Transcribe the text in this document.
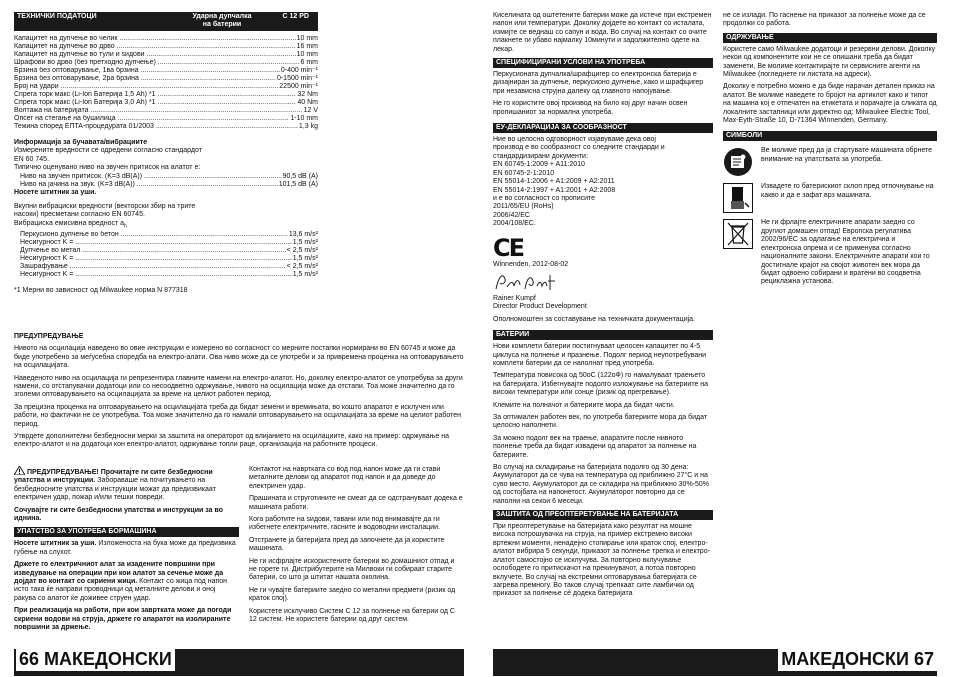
ТЕХНИЧКИ ПОДАТОЦИ	Ударна дупчалка
на батерии
C 12 PD
Капацитет на дупчење во челик .....	10 mm
Капацитет на дупчење во дрво .....	16 mm
Капацитет на дупчење во тули и ѕидови .....	10 mm
Шрафови во дрво (без претходно дупчење) .....	6 mm
Брзина без оптоварување, 1ва брзина .....	0-400 min⁻¹
Брзина без оптоварување, 2ра брзина .....	0-1500 min⁻¹
Број на удари .....	22500 min⁻¹
Спрега торк макс (Li-Ion Батерија 1,5 Ah) *1 .....	32 Nm
Спрега торк макс (Li-Ion Батерија 3,0 Ah) *1 .....	40 Nm
Волтажа на батеријата .....	12 V
Опсег на стегање на бушилица .....	1-10 mm
Тежина според EПTA-процедурата 01/2003 .....	1,3 kg
Информација за бучавата/вибрациите
Измерените вредности се одредени согласно стандардот
EN 60 745.
Типично оценувано ниво на звучен притисок на алатот е:
Ниво на звучен притисок. (K=3 dB(A)) .....	90,5 dB (A)
Ниво на јачина на звук. (K=3 dB(A)) .....	101,5 dB (A)
Носете штитник за уши.
Вкупни вибрациски вредности (векторски збир на трите
насоки) пресметани согласно EN 60745.
Вибрациска емисивна вредност $a_h$
Перкусионо дупчење во бетон .....	13,6 m/s²
Несигурност K = .....	1,5 m/s²
Дупчење во метал .....	< 2,5 m/s²
Несигурност K = .....	1,5 m/s²
Зашрафување .....	< 2,5 m/s²
Несигурност K = .....	1,5 m/s²
*1 Мерни во зависност од Milwaukee норма N 877318
ПРЕДУПРЕДУВАЊЕ
Нивото на осцилација наведено во овие инструкции е измерено во согласност со мерните постапки нормирани во EN 60745 и може да биде употребено за меѓусебна споредба на електро-алати. Ова ниво може да се употреби и за привремена проценка на оптоварувањето на осцилацијата.
Наведеното ниво на осцилација ги репрезентира главните намени на електро-алатот. Но, доколку електро-алатот се употребува за други намени, со отстапувачки додатоци или со несоодветно одржување, нивото на осцилација може да отстапи. Тоа може значително да го зголеми оптоварувањето на осцилацијата за време на целиот работен период.
За прецизна проценка на оптоварувањето на осцилацијата треба да бидат земени и времињата, во кошто апаратот е исклучен или работи, но фактички не се употребува. Тоа може значително да го намали оптоварувањето на осцилацијата за време на целиот работен период.
Утврдете дополнителни безбедносни мерки за заштита на операторот од влијанието на осцилациите, како на пример: одржување на електро-алатот и на додатоци кон електро-алатот, одржување топли раце, организација на работните процеси.
ПРЕДУПРЕДУВАЊЕ! Прочитајте ги сите безбедносни упатства и инструкции. Забораваше на почитувањето на безбедносните упатства и инструкции можат да предизвикаат електричен удар, пожар и/или тешки повреди.
Сочувајте ги сите безбедносни упатства и инструкции за во иднина.
УПАТСТВО ЗА УПОТРЕБА БОРМАШИНА
Носете штитник за уши. Изложеноста на бука може да предизвика губење на слухот.
Држете го електричниот алат за изадените површини при изведување на операции при кои алатот за сечење може да дојдат во контакт со скриени жици. Контакт со жица под напон исто така ќе направи проводници од металните делови и оној ракува со алатот ќе доживее струен удар.
При реализација на работи, при кои завртката може да погоди скриени водови на струја, држете го апаратот на изолираните површини за држење.
Контактот на навртката со вод под напон може да ги стави металните делови од апаратот под напон и да доведе до електричен удар.
Прашината и струготините не смеат да се одстрануваат додека е машината работи.
Кога работите на ѕидови, тавани или под внимавајте да ги избегнете електричните, гасните и водоводни инсталации.
Отстранете ја батеријата пред да започнете да ја користите машината.
Не ги исфрлајте искористените батерии во домашниот отпад и не горете ги. Дистрибутерите на Милвоки ги собираат старите батерии, со што ја штитат нашата околина.
Не ги чувајте батериите заедно со метални предмети (ризик од краток спој).
Користете исклучиво Систем С 12 за полнење на батерии од С 12 систем. Не користете батерии од друг систем.
66 МАКЕДОНСКИ
Киселината од оштетените батерии може да истече при екстремен напон или температури. Доколку дојдете во контакт со исталата, измијте се веднаш со сапун и вода. Во случај на контакт со очите плакнете ги убаво најмалку 10минути и задолжително одете на лекар.
СПЕЦИФИЦИРАНИ УСЛОВИ НА УПОТРЕБА
Перкусионата дупчалка/шрафцигер со електронска батерија е дизајниран за дупчење, перкусионо дупчење, како и шрафцигер при независна струјна далеку од главното напојување.
Не го користите овој производ на било кој друг начин освен пропишаниот за нормална употреба.
ЕУ-ДЕКЛАРАЦИЈА ЗА СООБРАЗНОСТ
Ние во целосна одговорност изјавуваме дека овој
производ е во сообразност со следните стандарди и
стандардизирани документи:
EN 60745-1:2009 + A11:2010
EN 60745-2-1:2010
EN 55014-1:2006 + A1:2009 + A2:2011
EN 55014-2:1997 + A1:2001 + A2:2008
и е во согласност со прописите
2011/65/EU (RoHs)
2006/42/EC
2004/108/EC.
CE
Winnenden, 2012-08-02
Rainer Kumpf
Director Product Development
Ополномоштен за составување на техничката документација.
БАТЕРИИ
Нови комплети батерии постигнуваат целосен капацитет по 4-5 циклуса на полнење и празнење. Подолг период неупотребувани комплети батерии да се наполнат пред употреба.
Температура повисока од 50оС (122оФ) го намалуваат траењето на батеријата. Избегнувајте подолго изложување на батериите на високи температури или сонце (ризик од прегревање).
Клемите на полначот и батериите мора да бидат чисти.
За оптимален работен век, по употреба батериите мора да бидат целосно наполнети.
За можно подолг век на траење, апаратите после нивното полнење треба да бидат извадени од апаратот за полнење на батериите.
Во случај на складирање на батеријата подолго од 30 дена: Акумулаторот да се чува на температура од приближно 27°С и на суво место. Акумулаторот да се складира на приближно 30%-50% од состојбата на напонетост. Акумулаторот повторно да се наполни на секои 6 месеци.
ЗАШТИТА ОД ПРЕОПТЕРЕТУВАЊЕ НА БАТЕРИЈАТА
При преоптеретување на батеријата како резултат на мошне висока потрошувачка на струја, на пример екстремно високи вртежни моменти, ненадејно стопирање или краток спој, електро-алатот вибрира 5 секунди, приказот за полнење трепка и електро-алатот самостојно се исклучува. За повторно вклучување ослободете го притискачот на прекинувачот, а потоа повторно вклучете. Во случај на екстремни оптоварувања батеријата се загрева премногу. Во таков случај трепкаат сите ламбички од приказот за полнење сè додека батеријата
не се излади. По гаснење на приказот за полнење може да се продолжи со работа.
ОДРЖУВАЊЕ
Користете само Milwaukee додатоци и резервни делови. Доколку некои од компонентите кои не се опишани треба да бидат заменети, Ве молиме контактирајте ги сервисните агенти на Milwaukee (погледнете ги листата на адреси).
Доколку е потребно можно е да биде нарачан детален приказ на алатот. Ве молиме наведете го бројот на артиклот како и типот на машина кој е отпечатен на етикетата и порачајте ја сликата од локалните застапници или директно од: Milwaukee Electric Tool, Max-Eyth-Straße 10, D-71364 Winnenden, Germany.
СИМБОЛИ
Ве молиме пред да ја стартувате машината обрнете внимание на упатствата за употреба.
Извадете го батерискиот склоп пред отпочнување на какво и да е зафат врз машината.
Не ги фрлајте електричните апарати заедно со другиот домашен отпад! Европска регулатива 2002/96/ЕС за одлагање на електрична и електронска опрема и се применува согласно националните закони. Електричните апарати кои го достигнале крајот на својот животен век мора да бидат одвоено собирани и вратени во соодветна рециклажна установа.
МАКЕДОНСКИ 67
